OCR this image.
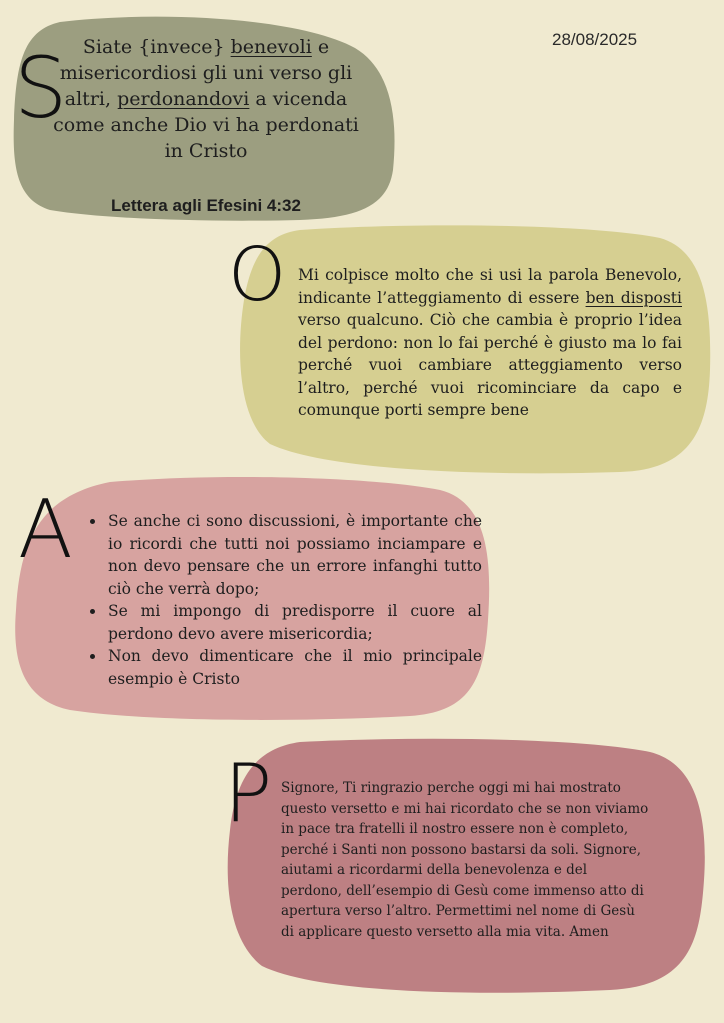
28/08/2025
S Siate {invece} benevoli e misericordiosi gli uni verso gli altri, perdonandovi a vicenda come anche Dio vi ha perdonati in Cristo
Lettera agli Efesini 4:32
O Mi colpisce molto che si usi la parola Benevolo, indicante l’atteggiamento di essere ben disposti verso qualcuno. Ciò che cambia è proprio l’idea del perdono: non lo fai perché è giusto ma lo fai perché vuoi cambiare atteggiamento verso l’altro, perché vuoi ricominciare da capo e comunque porti sempre bene
A
• Se anche ci sono discussioni, è importante che io ricordi che tutti noi possiamo inciampare e non devo pensare che un errore infanghi tutto ciò che verrà dopo;
• Se mi impongo di predisporre il cuore al perdono devo avere misericordia;
• Non devo dimenticare che il mio principale esempio è Cristo
P Signore, Ti ringrazio perche oggi mi hai mostrato questo versetto e mi hai ricordato che se non viviamo in pace tra fratelli il nostro essere non è completo, perché i Santi non possono bastarsi da soli. Signore, aiutami a ricordarmi della benevolenza e del perdono, dell’esempio di Gesù come immenso atto di apertura verso l’altro. Permettimi nel nome di Gesù di applicare questo versetto alla mia vita. Amen
